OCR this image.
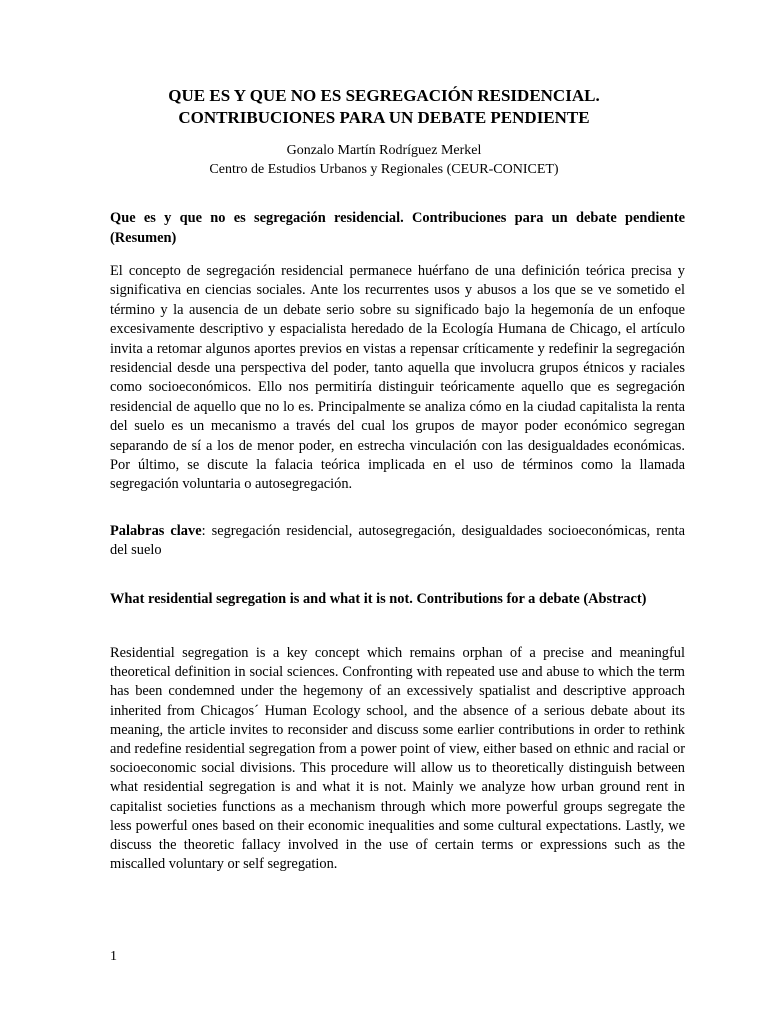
QUE ES Y QUE NO ES SEGREGACIÓN RESIDENCIAL.
CONTRIBUCIONES PARA UN DEBATE PENDIENTE
Gonzalo Martín Rodríguez Merkel
Centro de Estudios Urbanos y Regionales (CEUR-CONICET)
Que es y que no es segregación residencial. Contribuciones para un debate pendiente (Resumen)
El concepto de segregación residencial permanece huérfano de una definición teórica precisa y significativa en ciencias sociales. Ante los recurrentes usos y abusos a los que se ve sometido el término y la ausencia de un debate serio sobre su significado bajo la hegemonía de un enfoque excesivamente descriptivo y espacialista heredado de la Ecología Humana de Chicago, el artículo invita a retomar algunos aportes previos en vistas a repensar críticamente y redefinir la segregación residencial desde una perspectiva del poder, tanto aquella que involucra grupos étnicos y raciales como socioeconómicos. Ello nos permitiría distinguir teóricamente aquello que es segregación residencial de aquello que no lo es. Principalmente se analiza cómo en la ciudad capitalista la renta del suelo es un mecanismo a través del cual los grupos de mayor poder económico segregan separando de sí a los de menor poder, en estrecha vinculación con las desigualdades económicas. Por último, se discute la falacia teórica implicada en el uso de términos como la llamada segregación voluntaria o autosegregación.
Palabras clave: segregación residencial, autosegregación, desigualdades socioeconómicas, renta del suelo
What residential segregation is and what it is not. Contributions for a debate (Abstract)
Residential segregation is a key concept which remains orphan of a precise and meaningful theoretical definition in social sciences. Confronting with repeated use and abuse to which the term has been condemned under the hegemony of an excessively spatialist and descriptive approach inherited from Chicagos´ Human Ecology school, and the absence of a serious debate about its meaning, the article invites to reconsider and discuss some earlier contributions in order to rethink and redefine residential segregation from a power point of view, either based on ethnic and racial or socioeconomic social divisions. This procedure will allow us to theoretically distinguish between what residential segregation is and what it is not. Mainly we analyze how urban ground rent in capitalist societies functions as a mechanism through which more powerful groups segregate the less powerful ones based on their economic inequalities and some cultural expectations. Lastly, we discuss the theoretic fallacy involved in the use of certain terms or expressions such as the miscalled voluntary or self segregation.
1
